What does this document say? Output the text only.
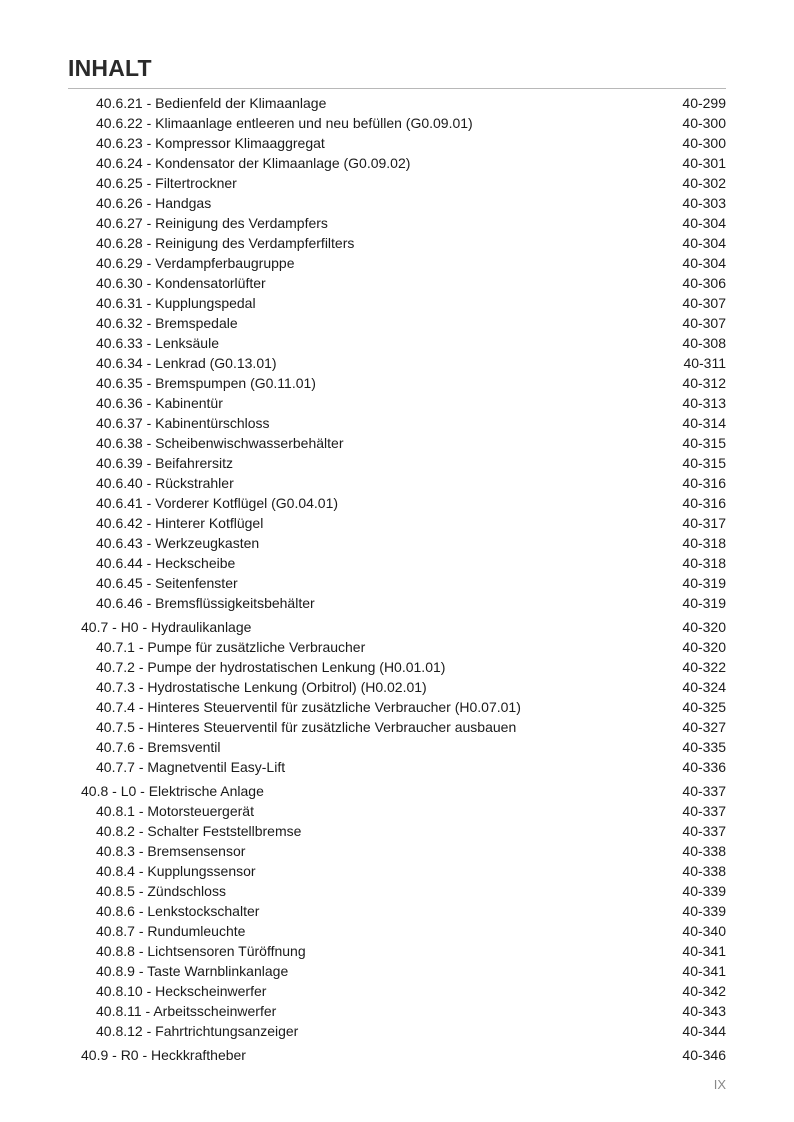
INHALT
40.6.21 - Bedienfeld der Klimaanlage	40-299
40.6.22 - Klimaanlage entleeren und neu befüllen (G0.09.01)	40-300
40.6.23 - Kompressor Klimaaggregat	40-300
40.6.24 - Kondensator der Klimaanlage (G0.09.02)	40-301
40.6.25 - Filtertrockner	40-302
40.6.26 - Handgas	40-303
40.6.27 - Reinigung des Verdampfers	40-304
40.6.28 - Reinigung des Verdampferfilters	40-304
40.6.29 - Verdampferbaugruppe	40-304
40.6.30 - Kondensatorlüfter	40-306
40.6.31 - Kupplungspedal	40-307
40.6.32 - Bremspedale	40-307
40.6.33 - Lenksäule	40-308
40.6.34 - Lenkrad (G0.13.01)	40-311
40.6.35 - Bremspumpen (G0.11.01)	40-312
40.6.36 - Kabinentür	40-313
40.6.37 - Kabinentürschloss	40-314
40.6.38 - Scheibenwischwasserbehälter	40-315
40.6.39 - Beifahrersitz	40-315
40.6.40 - Rückstrahler	40-316
40.6.41 - Vorderer Kotflügel (G0.04.01)	40-316
40.6.42 - Hinterer Kotflügel	40-317
40.6.43 - Werkzeugkasten	40-318
40.6.44 - Heckscheibe	40-318
40.6.45 - Seitenfenster	40-319
40.6.46 - Bremsflüssigkeitsbehälter	40-319
40.7 - H0 - Hydraulikanlage	40-320
40.7.1 - Pumpe für zusätzliche Verbraucher	40-320
40.7.2 - Pumpe der hydrostatischen Lenkung (H0.01.01)	40-322
40.7.3 - Hydrostatische Lenkung (Orbitrol) (H0.02.01)	40-324
40.7.4 - Hinteres Steuerventil für zusätzliche Verbraucher (H0.07.01)	40-325
40.7.5 - Hinteres Steuerventil für zusätzliche Verbraucher ausbauen	40-327
40.7.6 - Bremsventil	40-335
40.7.7 - Magnetventil Easy-Lift	40-336
40.8 - L0 - Elektrische Anlage	40-337
40.8.1 - Motorsteuergerät	40-337
40.8.2 - Schalter Feststellbremse	40-337
40.8.3 - Bremsensensor	40-338
40.8.4 - Kupplungssensor	40-338
40.8.5 - Zündschloss	40-339
40.8.6 - Lenkstockschalter	40-339
40.8.7 - Rundumleuchte	40-340
40.8.8 - Lichtsensoren Türöffnung	40-341
40.8.9 - Taste Warnblinkanlage	40-341
40.8.10 - Heckscheinwerfer	40-342
40.8.11 - Arbeitsscheinwerfer	40-343
40.8.12 - Fahrtrichtungsanzeiger	40-344
40.9 - R0 - Heckkraftheber	40-346
IX
